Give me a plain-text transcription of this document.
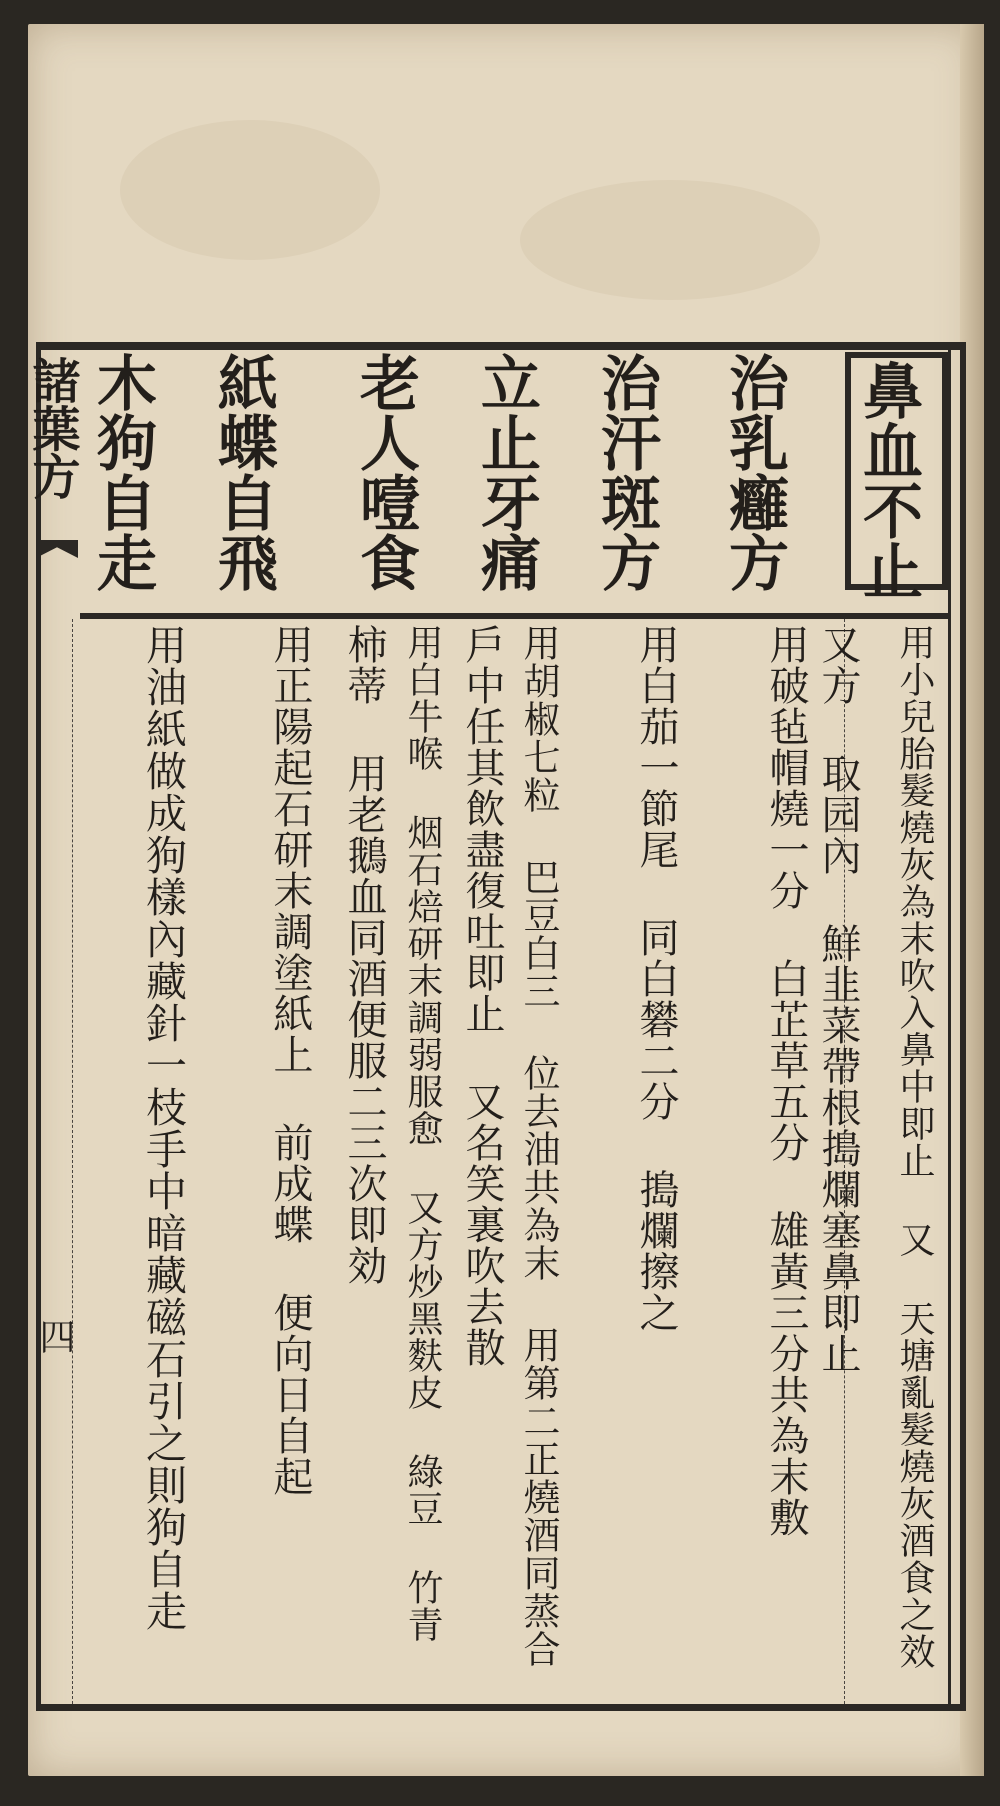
鼻血不止
治乳癰方
治汗斑方
立止牙痛
老人噎食
紙蝶自飛
木狗自走
用小兒胎髮燒灰為末吹入鼻中即止 又 天塘亂髮燒灰酒食之效
又方 取园內 鮮韭菜帶根搗爛塞鼻即止
用破毡帽燒一分 白芷草五分 雄黃三分共為末敷
用白茄一節尾 同白礬二分 搗爛擦之
用胡椒七粒 巴豆白三 位去油共為末 用第二正燒酒同蒸合
戶中任其飲盡復吐即止 又名笑裏吹去散
用白牛喉 烟石焙研末調弱服愈 又方炒黑麩皮 綠豆 竹青
柿蒂 用老鵝血同酒便服二三次即効
用正陽起石研末調塗紙上 前成蝶 便向日自起
用油紙做成狗樣內藏針一枝手中暗藏磁石引之則狗自走
諸葉方
四
